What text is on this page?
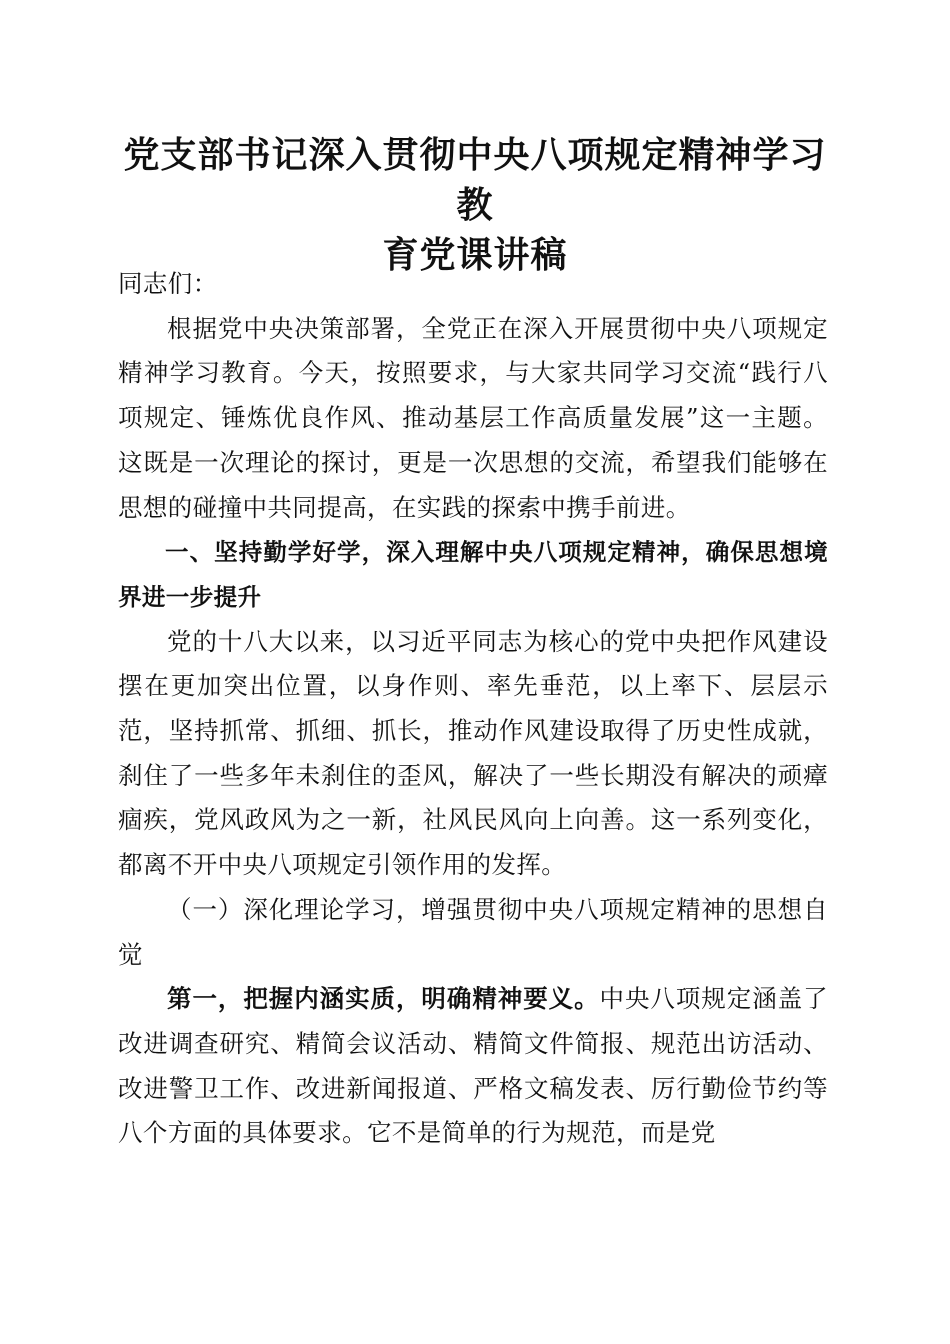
党支部书记深入贯彻中央八项规定精神学习教
育党课讲稿

同志们：

根据党中央决策部署，全党正在深入开展贯彻中央八项规定精神学习教育。今天，按照要求，与大家共同学习交流“践行八项规定、锤炼优良作风、推动基层工作高质量发展”这一主题。这既是一次理论的探讨，更是一次思想的交流，希望我们能够在思想的碰撞中共同提高，在实践的探索中携手前进。

一、坚持勤学好学，深入理解中央八项规定精神，确保思想境界进一步提升

党的十八大以来，以习近平同志为核心的党中央把作风建设摆在更加突出位置，以身作则、率先垂范，以上率下、层层示范，坚持抓常、抓细、抓长，推动作风建设取得了历史性成就，刹住了一些多年未刹住的歪风，解决了一些长期没有解决的顽瘴痼疾，党风政风为之一新，社风民风向上向善。这一系列变化，都离不开中央八项规定引领作用的发挥。

（一）深化理论学习，增强贯彻中央八项规定精神的思想自觉

第一，把握内涵实质，明确精神要义。中央八项规定涵盖了改进调查研究、精简会议活动、精简文件简报、规范出访活动、改进警卫工作、改进新闻报道、严格文稿发表、厉行勤俭节约等八个方面的具体要求。它不是简单的行为规范，而是党
